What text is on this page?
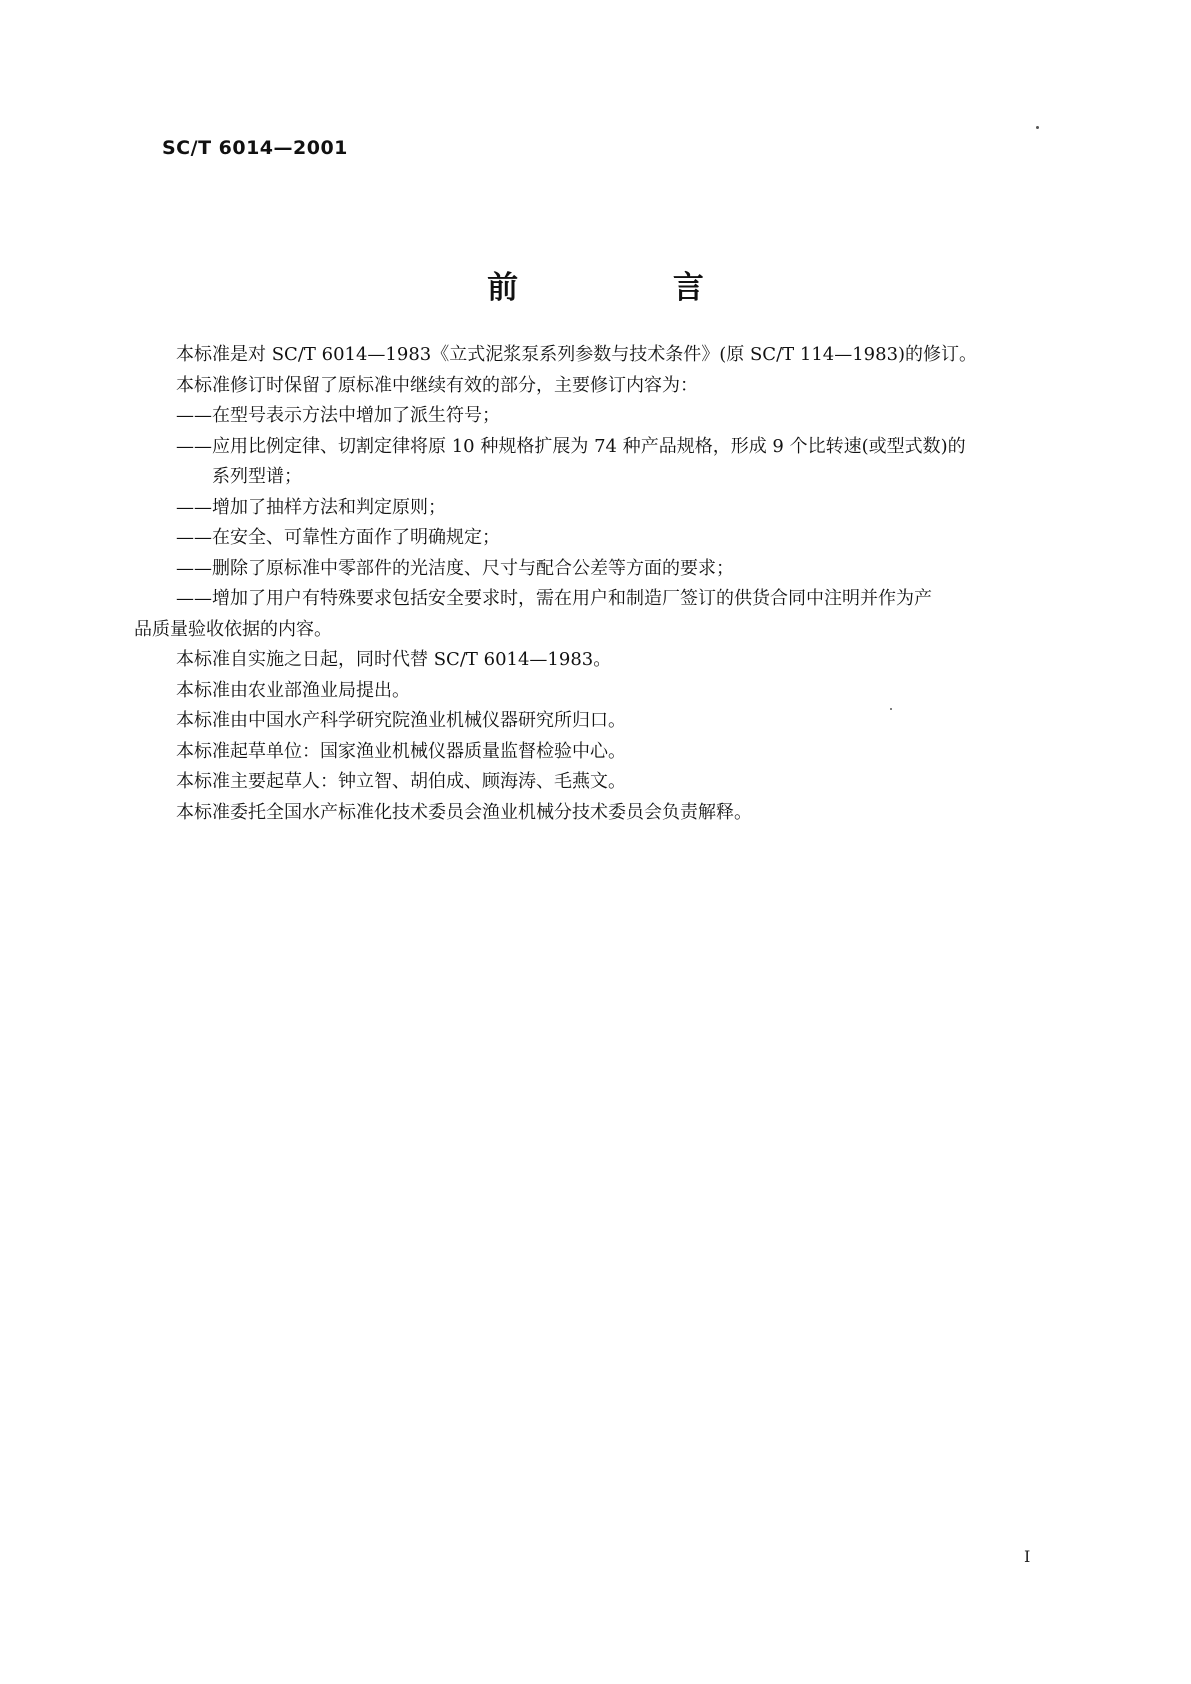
SC/T 6014—2001
前 言

本标准是对 SC/T 6014—1983《立式泥浆泵系列参数与技术条件》(原 SC/T 114—1983)的修订。

本标准修订时保留了原标准中继续有效的部分，主要修订内容为：

——在型号表示方法中增加了派生符号；

——应用比例定律、切割定律将原 10 种规格扩展为 74 种产品规格，形成 9 个比转速(或型式数)的

系列型谱；

——增加了抽样方法和判定原则；

——在安全、可靠性方面作了明确规定；

——删除了原标准中零部件的光洁度、尺寸与配合公差等方面的要求；

——增加了用户有特殊要求包括安全要求时，需在用户和制造厂签订的供货合同中注明并作为产

品质量验收依据的内容。

本标准自实施之日起，同时代替 SC/T 6014—1983。

本标准由农业部渔业局提出。

本标准由中国水产科学研究院渔业机械仪器研究所归口。

本标准起草单位：国家渔业机械仪器质量监督检验中心。

本标准主要起草人：钟立智、胡伯成、顾海涛、毛燕文。

本标准委托全国水产标准化技术委员会渔业机械分技术委员会负责解释。

I
